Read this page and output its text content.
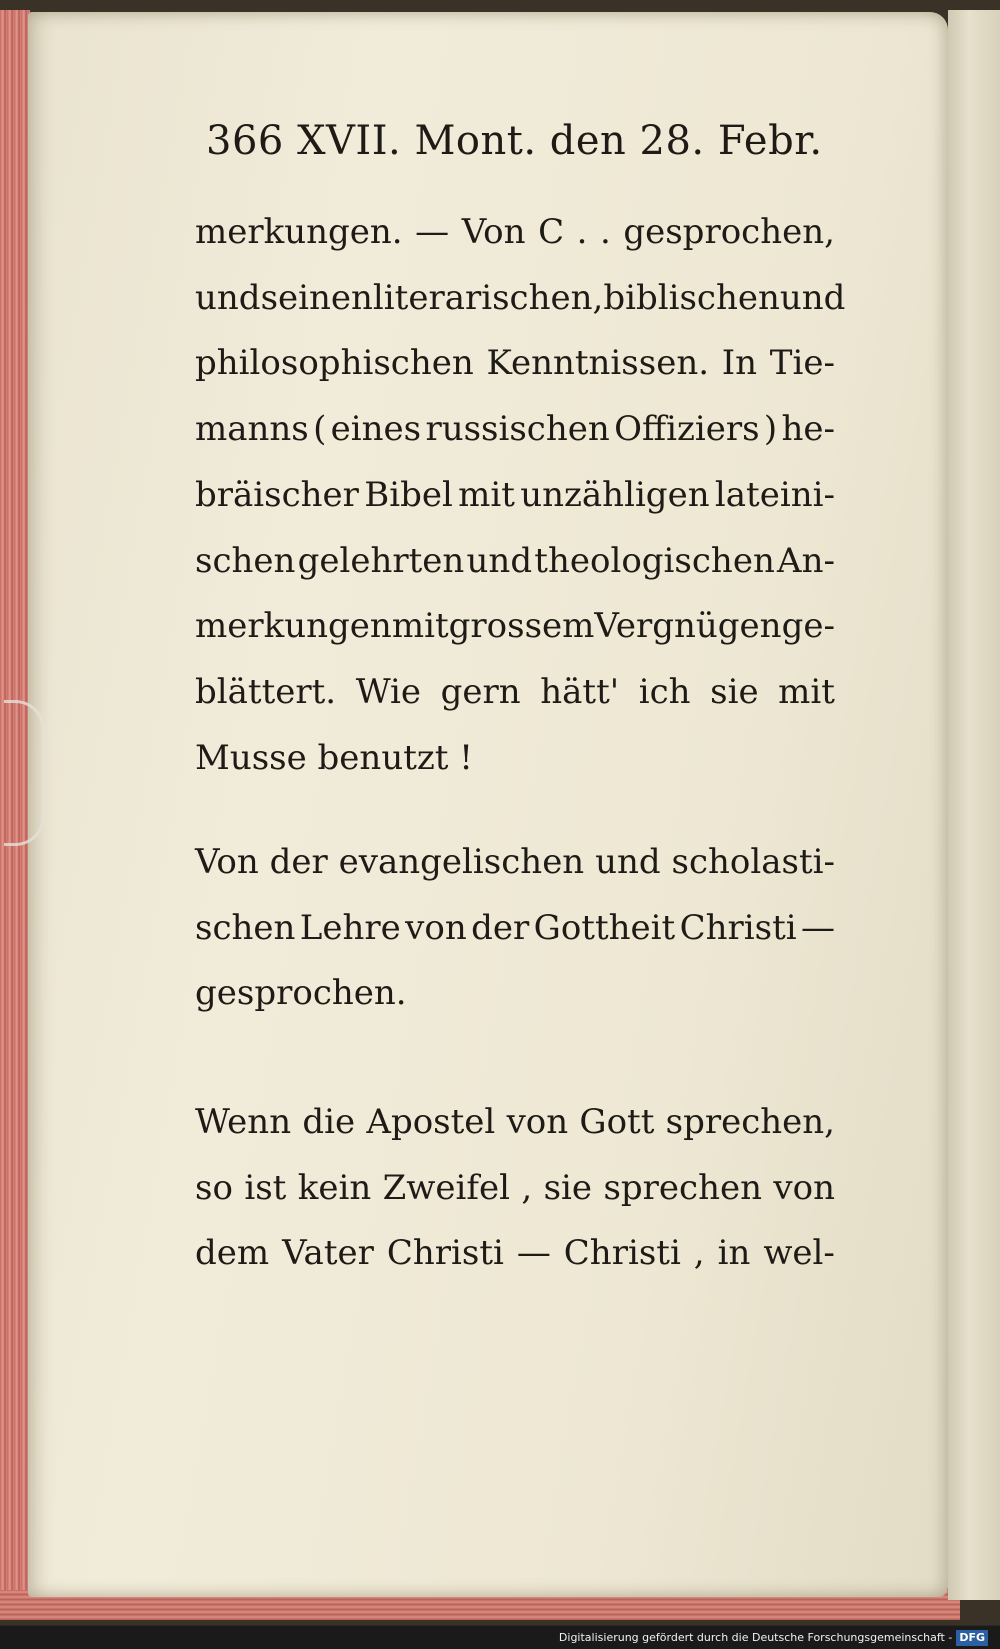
366 XVII. Mont. den 28. Febr.
merkungen. — Von C . . gesprochen,
und seinen literarischen, biblischen und
philosophischen Kenntnissen. In Tie-
manns ( eines russischen Offiziers ) he-
bräischer Bibel mit unzähligen lateini-
schen gelehrten und theologischen An-
merkungen mit grossem Vergnügen ge-
blättert. Wie gern hätt' ich sie mit
Musse benutzt !
Von der evangelischen und scholasti-
schen Lehre von der Gottheit Christi —
gesprochen.
Wenn die Apostel von Gott sprechen,
so ist kein Zweifel , sie sprechen von
dem Vater Christi — Christi , in wel-
Digitalisierung gefördert durch die Deutsche Forschungsgemeinschaft - DFG
